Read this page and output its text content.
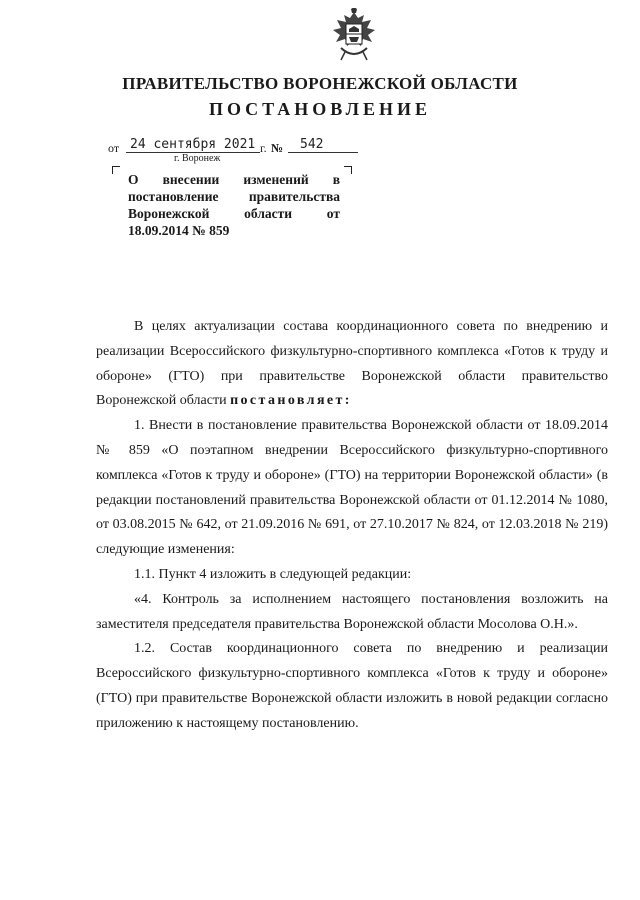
ПРАВИТЕЛЬСТВО ВОРОНЕЖСКОЙ ОБЛАСТИ
ПОСТАНОВЛЕНИЕ
от 24 сентября 2021 г. № 542
г. Воронеж
О внесении изменений в
постановление правительства
Воронежской	области	от
18.09.2014 № 859

В целях актуализации состава координационного совета по внедрению и реализации Всероссийского физкультурно-спортивного комплекса «Готов к труду и обороне» (ГТО) при правительстве Воронежской области правительство Воронежской области постановляет:

1. Внести в постановление правительства Воронежской области от 18.09.2014 № 859 «О поэтапном внедрении Всероссийского физкультурно-спортивного комплекса «Готов к труду и обороне» (ГТО) на территории Воронежской области» (в редакции постановлений правительства Воронежской области от 01.12.2014 № 1080, от 03.08.2015 № 642, от 21.09.2016 № 691, от 27.10.2017 № 824, от 12.03.2018 № 219) следующие изменения:

1.1. Пункт 4 изложить в следующей редакции:

«4. Контроль за исполнением настоящего постановления возложить на заместителя председателя правительства Воронежской области Мосолова О.Н.».

1.2. Состав координационного совета по внедрению и реализации Всероссийского физкультурно-спортивного комплекса «Готов к труду и обороне» (ГТО) при правительстве Воронежской области изложить в новой редакции согласно приложению к настоящему постановлению.
